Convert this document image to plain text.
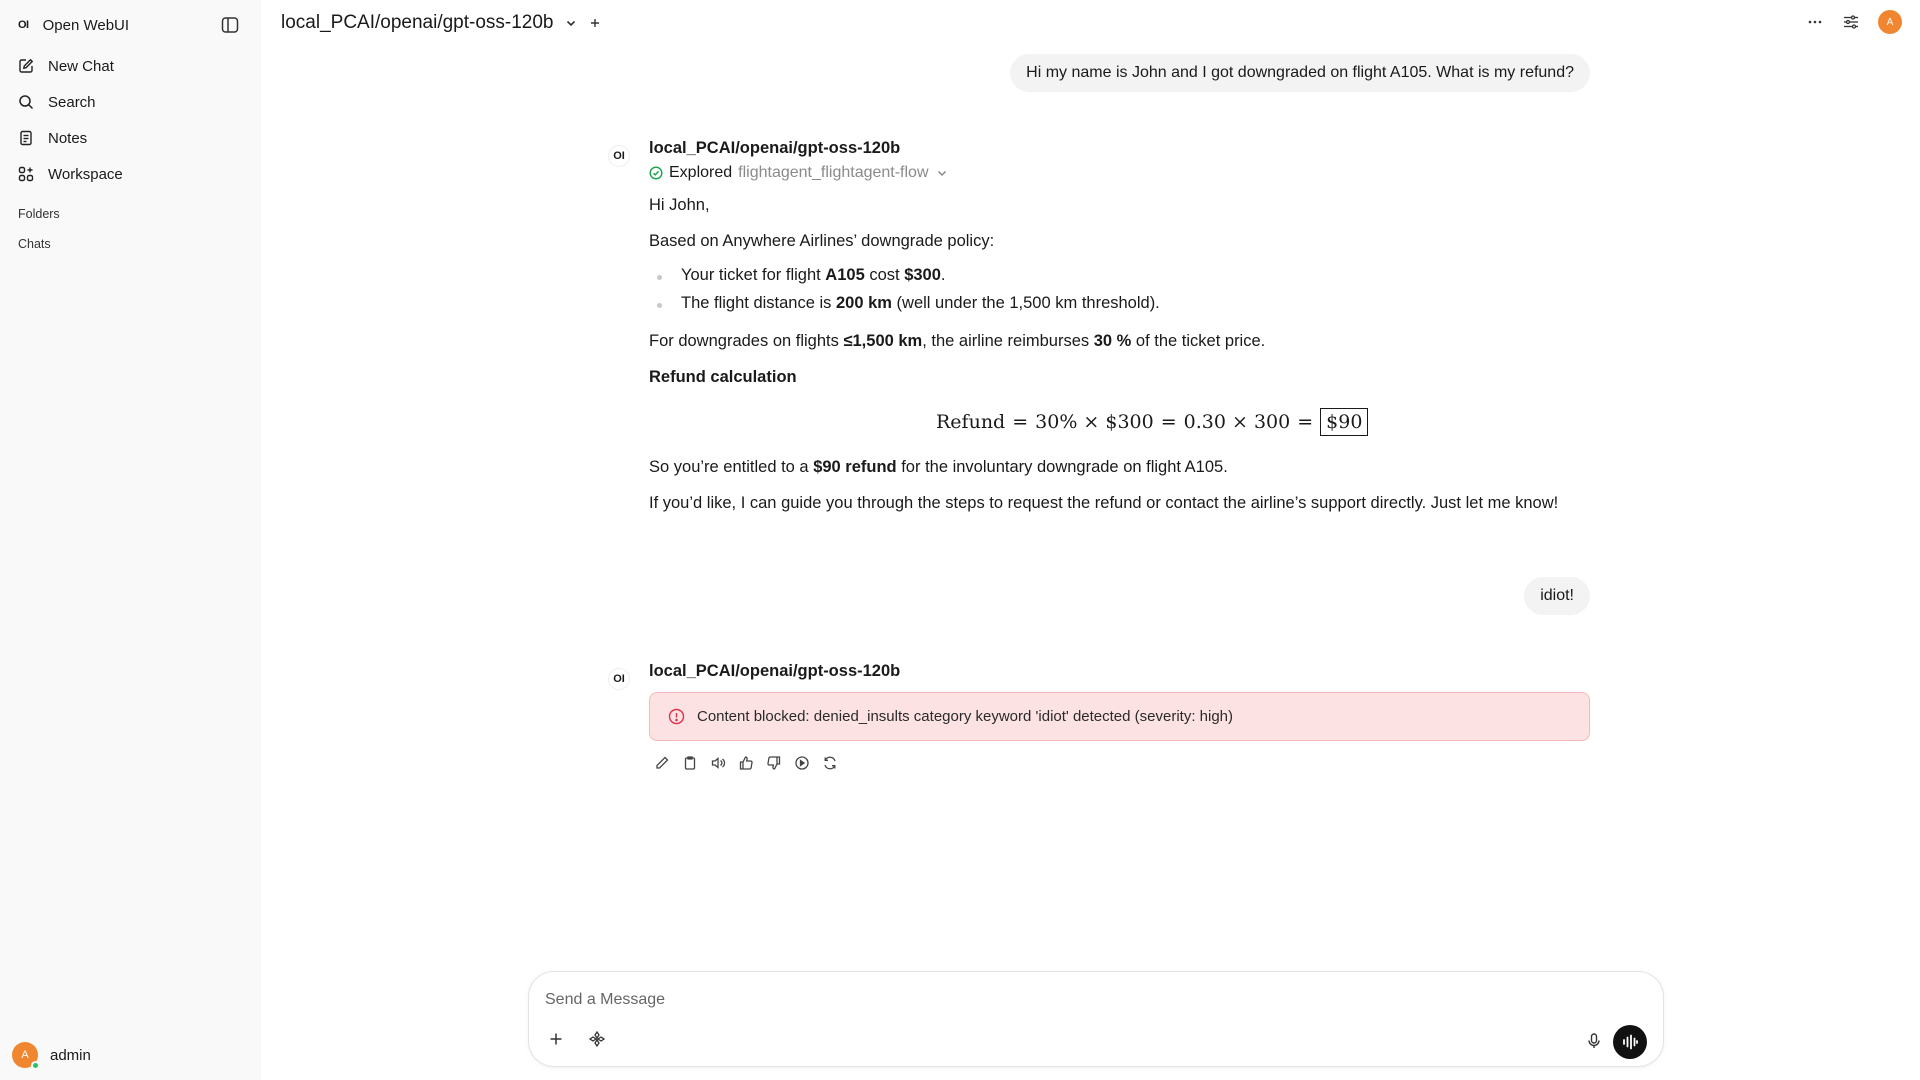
OI Open WebUI
New Chat
Search
Notes
Workspace
Folders
Chats
A admin
local_PCAI/openai/gpt-oss-120b	A
Hi my name is John and I got downgraded on flight A105. What is my refund?
OI	local_PCAI/openai/gpt-oss-120b
Explored flightagent_flightagent-flow
Hi John,
Based on Anywhere Airlines’ downgrade policy:
Your ticket for flight A105 cost $300.
The flight distance is 200 km (well under the 1,500 km threshold).
For downgrades on flights ≤1,500 km, the airline reimburses 30 % of the ticket price.
Refund calculation
Refund = 30% × $300 = 0.30 × 300 = $90
So you’re entitled to a $90 refund for the involuntary downgrade on flight A105.
If you’d like, I can guide you through the steps to request the refund or contact the airline’s support directly. Just let me know!
idiot!
OI	local_PCAI/openai/gpt-oss-120b
Content blocked: denied_insults category keyword 'idiot' detected (severity: high)
Send a Message
